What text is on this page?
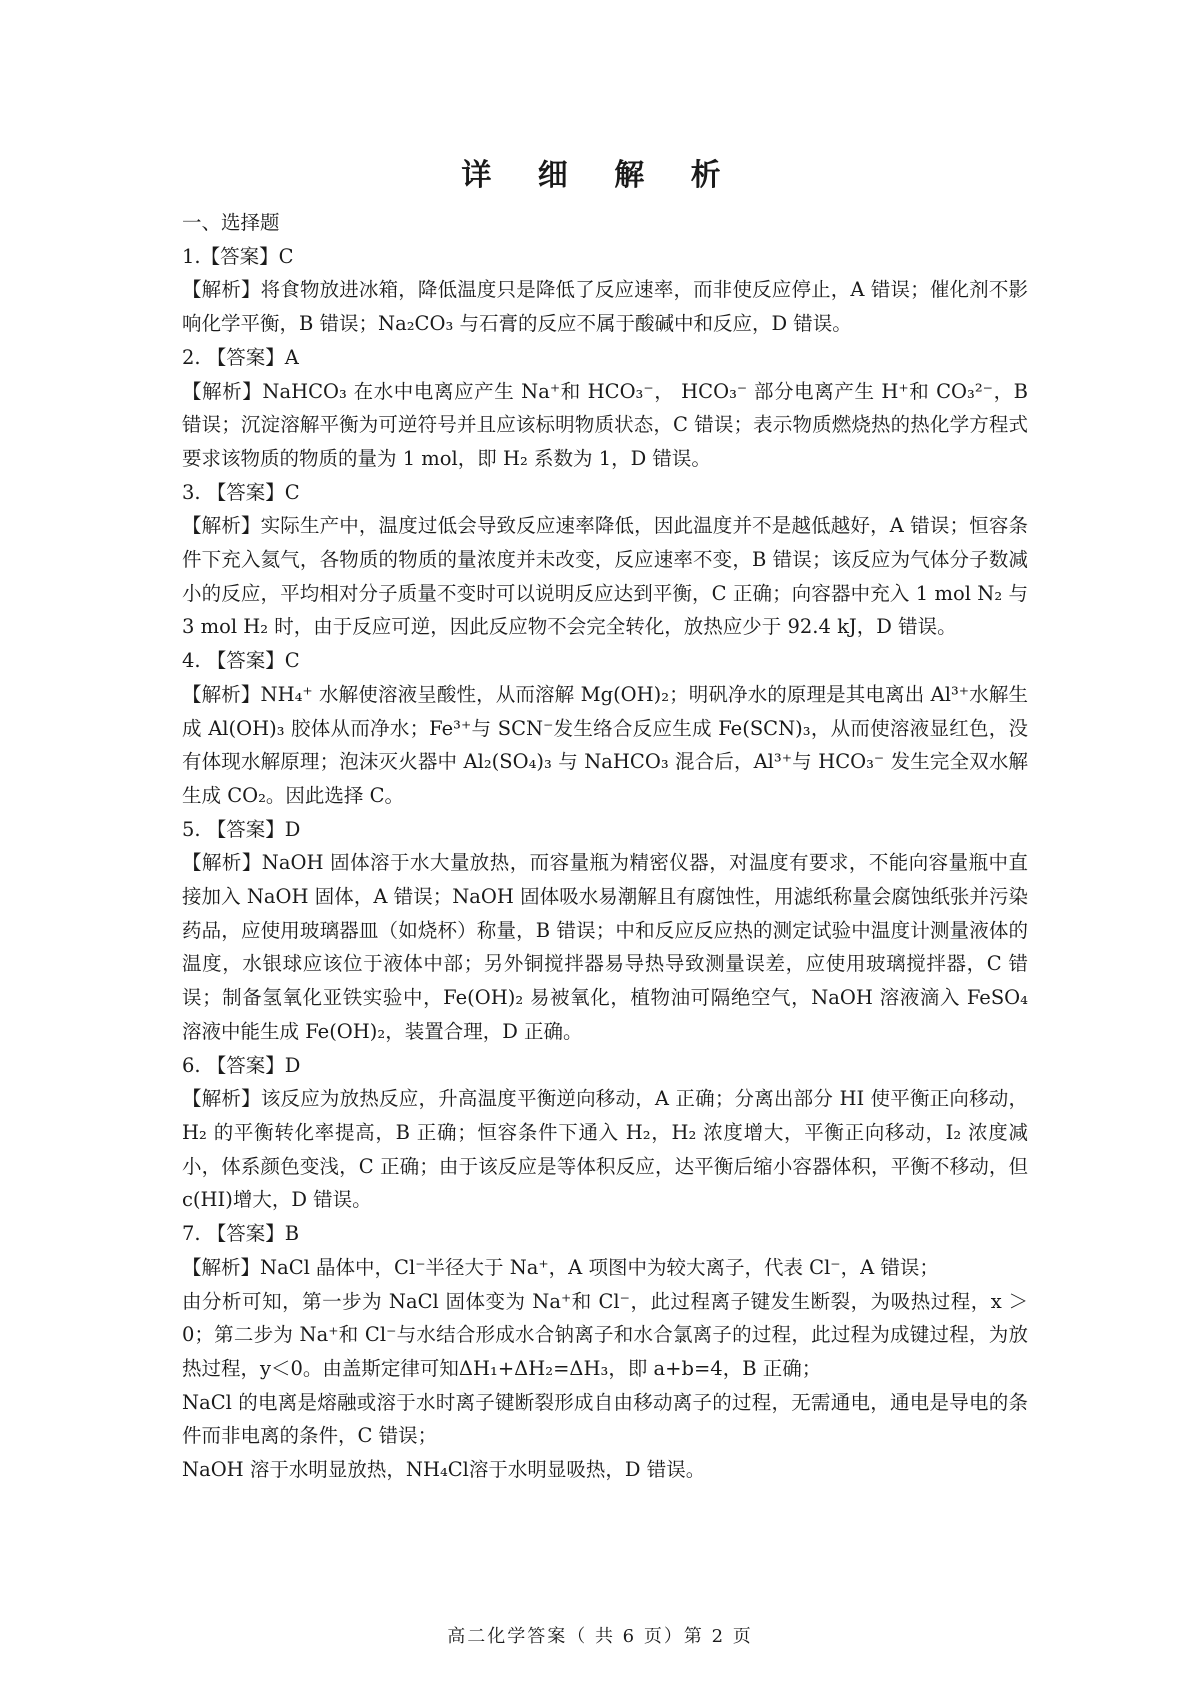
详 细 解 析

一、选择题

1.【答案】C

【解析】将食物放进冰箱，降低温度只是降低了反应速率，而非使反应停止，A 错误；催化剂不影响化学平衡，B 错误；Na₂CO₃ 与石膏的反应不属于酸碱中和反应，D 错误。

2. 【答案】A

【解析】NaHCO₃ 在水中电离应产生 Na⁺和 HCO₃⁻， HCO₃⁻ 部分电离产生 H⁺和 CO₃²⁻，B 错误；沉淀溶解平衡为可逆符号并且应该标明物质状态，C 错误；表示物质燃烧热的热化学方程式要求该物质的物质的量为 1 mol，即 H₂ 系数为 1，D 错误。

3. 【答案】C

【解析】实际生产中，温度过低会导致反应速率降低，因此温度并不是越低越好，A 错误；恒容条件下充入氦气，各物质的物质的量浓度并未改变，反应速率不变，B 错误；该反应为气体分子数减小的反应，平均相对分子质量不变时可以说明反应达到平衡，C 正确；向容器中充入 1 mol N₂ 与 3 mol H₂ 时，由于反应可逆，因此反应物不会完全转化，放热应少于 92.4 kJ，D 错误。

4. 【答案】C

【解析】NH₄⁺ 水解使溶液呈酸性，从而溶解 Mg(OH)₂；明矾净水的原理是其电离出 Al³⁺水解生成 Al(OH)₃ 胶体从而净水；Fe³⁺与 SCN⁻发生络合反应生成 Fe(SCN)₃，从而使溶液显红色，没有体现水解原理；泡沫灭火器中 Al₂(SO₄)₃ 与 NaHCO₃ 混合后，Al³⁺与 HCO₃⁻ 发生完全双水解生成 CO₂。因此选择 C。

5. 【答案】D

【解析】NaOH 固体溶于水大量放热，而容量瓶为精密仪器，对温度有要求，不能向容量瓶中直接加入 NaOH 固体，A 错误；NaOH 固体吸水易潮解且有腐蚀性，用滤纸称量会腐蚀纸张并污染药品，应使用玻璃器皿（如烧杯）称量，B 错误；中和反应反应热的测定试验中温度计测量液体的温度，水银球应该位于液体中部；另外铜搅拌器易导热导致测量误差，应使用玻璃搅拌器，C 错误；制备氢氧化亚铁实验中，Fe(OH)₂ 易被氧化，植物油可隔绝空气，NaOH 溶液滴入 FeSO₄ 溶液中能生成 Fe(OH)₂，装置合理，D 正确。

6. 【答案】D

【解析】该反应为放热反应，升高温度平衡逆向移动，A 正确；分离出部分 HI 使平衡正向移动，H₂ 的平衡转化率提高，B 正确；恒容条件下通入 H₂，H₂ 浓度增大，平衡正向移动，I₂ 浓度减小，体系颜色变浅，C 正确；由于该反应是等体积反应，达平衡后缩小容器体积，平衡不移动，但 c(HI)增大，D 错误。

7. 【答案】B

【解析】NaCl 晶体中，Cl⁻半径大于 Na⁺，A 项图中为较大离子，代表 Cl⁻，A 错误；

由分析可知，第一步为 NaCl 固体变为 Na⁺和 Cl⁻，此过程离子键发生断裂，为吸热过程，x ＞0；第二步为 Na⁺和 Cl⁻与水结合形成水合钠离子和水合氯离子的过程，此过程为成键过程，为放热过程，y＜0。由盖斯定律可知ΔH₁+ΔH₂=ΔH₃，即 a+b=4，B 正确；

NaCl 的电离是熔融或溶于水时离子键断裂形成自由移动离子的过程，无需通电，通电是导电的条件而非电离的条件，C 错误；

NaOH 溶于水明显放热，NH₄Cl溶于水明显吸热，D 错误。

高二化学答案（ 共 6 页）第 2 页
